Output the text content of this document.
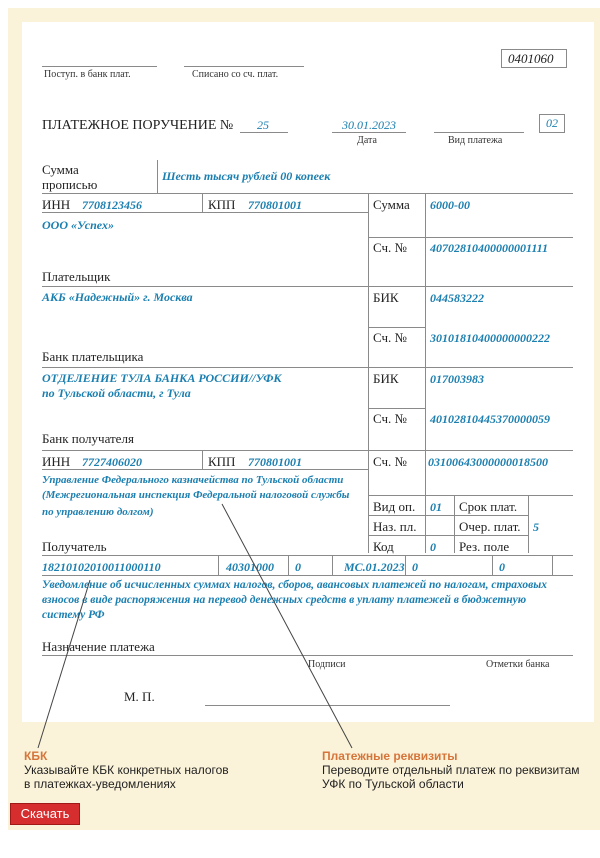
0401060
Поступ. в банк плат.	Списано со сч. плат.
ПЛАТЕЖНОЕ ПОРУЧЕНИЕ № 25	30.01.2023
Дата	Вид платежа
02
Сумма
прописью
Шесть тысяч рублей 00 копеек
ИНН 7708123456	КПП 770801001
ООО «Успех»
Плательщик
Сумма 6000-00
Сч. № 40702810400000001111
АКБ «Надежный» г. Москва
Банк плательщика
БИК	044583222
Сч. № 30101810400000000222
ОТДЕЛЕНИЕ ТУЛА БАНКА РОССИИ//УФК
по Тульской области, г Тула
Банк получателя
БИК	017003983
Сч. № 40102810445370000059
ИНН 7727406020	КПП 770801001
Управление Федерального казначейства по Тульской области
(Межрегиональная инспекция Федеральной налоговой службы
по управлению долгом)
Получатель
Сч. № 03100643000000018500
Вид оп. 01 Срок плат.
Наз. пл.	Очер. плат. 5
Код	0 Рез. поле
18210102010011000110	40301000 0	МС.01.2023 0	0
Уведомление об исчисленных суммах налогов, сборов, авансовых платежей по налогам, страховых
взносов в виде распоряжения на перевод денежных средств в уплату платежей в бюджетную
систему РФ
Назначение платежа
Подписи	Отметки банка
М. П.
КБК
Указывайте КБК конкретных налогов
в платежках-уведомлениях
Платежные реквизиты
Переводите отдельный платеж по реквизитам
УФК по Тульской области
Скачать
